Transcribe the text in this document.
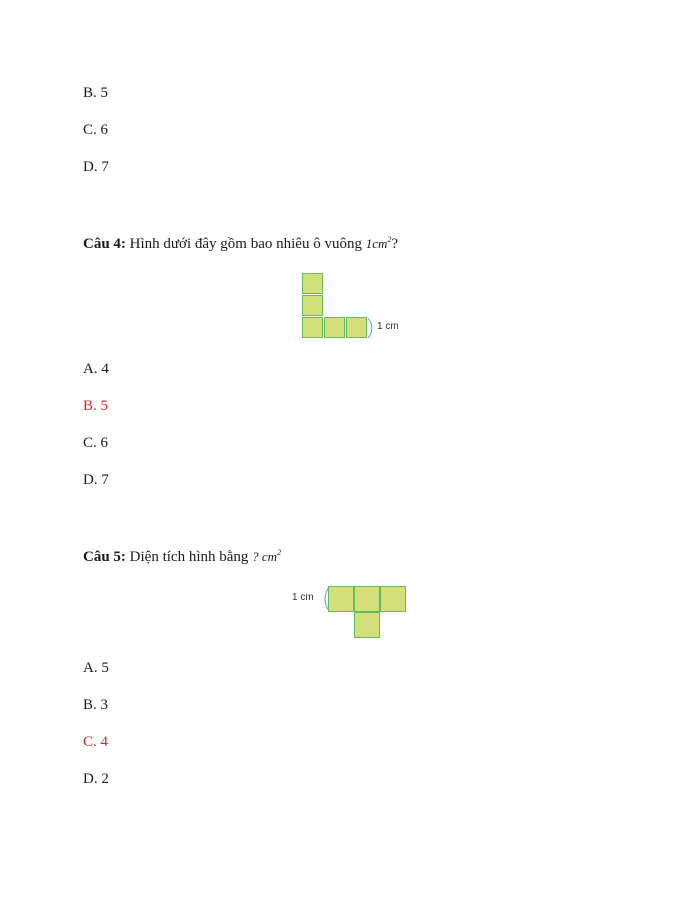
B. 5
C. 6
D. 7
Câu 4: Hình dưới đây gồm bao nhiêu ô vuông $1cm^2$?
1 cm
A. 4
B. 5
C. 6
D. 7
Câu 5: Diện tích hình bằng ? $cm^2$
1 cm
A. 5
B. 3
C. 4
D. 2
